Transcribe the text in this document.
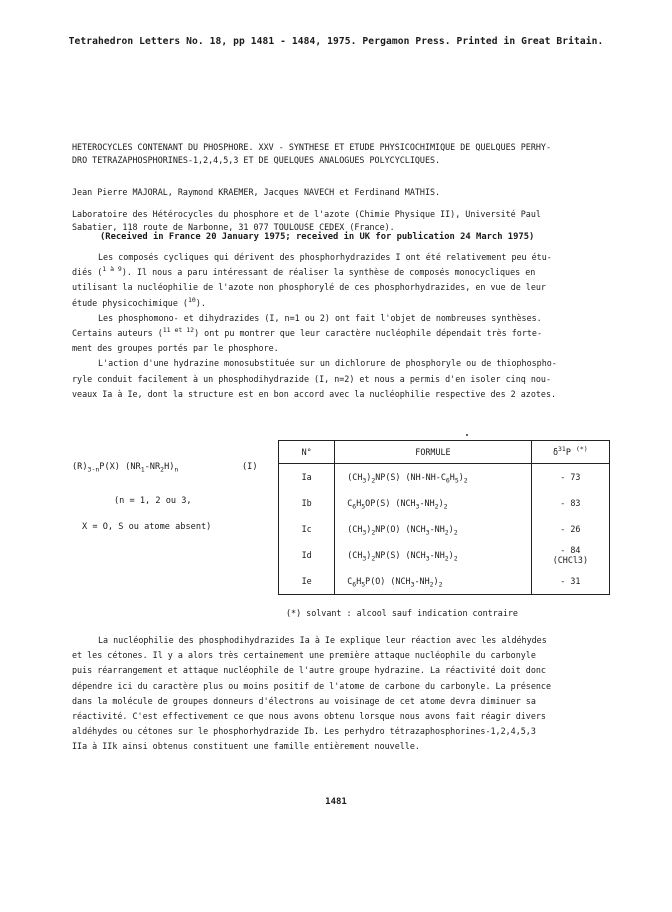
Tetrahedron Letters No. 18, pp 1481 - 1484, 1975. Pergamon Press. Printed in Great Britain.

HETEROCYCLES CONTENANT DU PHOSPHORE. XXV - SYNTHESE ET ETUDE PHYSICOCHIMIQUE DE QUELQUES PERHY-

DRO TETRAZAPHOSPHORINES-1,2,4,5,3 ET DE QUELQUES ANALOGUES POLYCYCLIQUES.

Jean Pierre MAJORAL, Raymond KRAEMER, Jacques NAVECH et Ferdinand MATHIS.

Laboratoire des Hétérocycles du phosphore et de l'azote (Chimie Physique II), Université Paul

Sabatier, 118 route de Narbonne, 31 077 TOULOUSE CEDEX (France).

(Received in France 20 January 1975; received in UK for publication 24 March 1975)

Les composés cycliques qui dérivent des phosphorhydrazides I ont été relativement peu étu-

diés ($^{1 à 9}$). Il nous a paru intéressant de réaliser la synthèse de composés monocycliques en

utilisant la nucléophilie de l'azote non phosphorylé de ces phosphorhydrazides, en vue de leur

étude physicochimique ($^{10}$).

Les phosphomono- et dihydrazides (I, n=1 ou 2) ont fait l'objet de nombreuses synthèses.

Certains auteurs ($^{11 et 12}$) ont pu montrer que leur caractère nucléophile dépendait très forte-

ment des groupes portés par le phosphore.

L'action d'une hydrazine monosubstituée sur un dichlorure de phosphoryle ou de thiophospho-

ryle conduit facilement à un phosphodihydrazide (I, n=2) et nous a permis d'en isoler cinq nou-

veaux Ia à Ie, dont la structure est en bon accord avec la nucléophilie respective des 2 azotes.

$(R)_{3-n}P(X)$ $(NR_1-NR_2H)_n$	(I)
(n = 1, 2 ou 3,
X = O, S ou atome absent)
N°	FORMULE	$\delta^{31}P$ (*)
Ia	$(CH_3)_2NP(S)$ $(NH-NH-C_6H_5)_2$	- 73

Ib	$C_6H_5OP(S)$ $(NCH_3-NH_2)_2$	- 83

Ic	$(CH_3)_2NP(O)$ $(NCH_3-NH_2)_2$	- 26

Id	$(CH_3)_2NP(S)$ $(NCH_3-NH_2)_2$	- 84
(CHCl3)

Ie	$C_6H_5P(O)$ $(NCH_3-NH_2)_2$	- 31
(*) solvant : alcool sauf indication contraire

La nucléophilie des phosphodihydrazides Ia à Ie explique leur réaction avec les aldéhydes

et les cétones. Il y a alors très certainement une première attaque nucléophile du carbonyle

puis réarrangement et attaque nucléophile de l'autre groupe hydrazine. La réactivité doit donc

dépendre ici du caractère plus ou moins positif de l'atome de carbone du carbonyle. La présence

dans la molécule de groupes donneurs d'électrons au voisinage de cet atome devra diminuer sa

réactivité. C'est effectivement ce que nous avons obtenu lorsque nous avons fait réagir divers

aldéhydes ou cétones sur le phosphorhydrazide Ib. Les perhydro tétrazaphosphorines-1,2,4,5,3

IIa à IIk ainsi obtenus constituent une famille entièrement nouvelle.

1481
